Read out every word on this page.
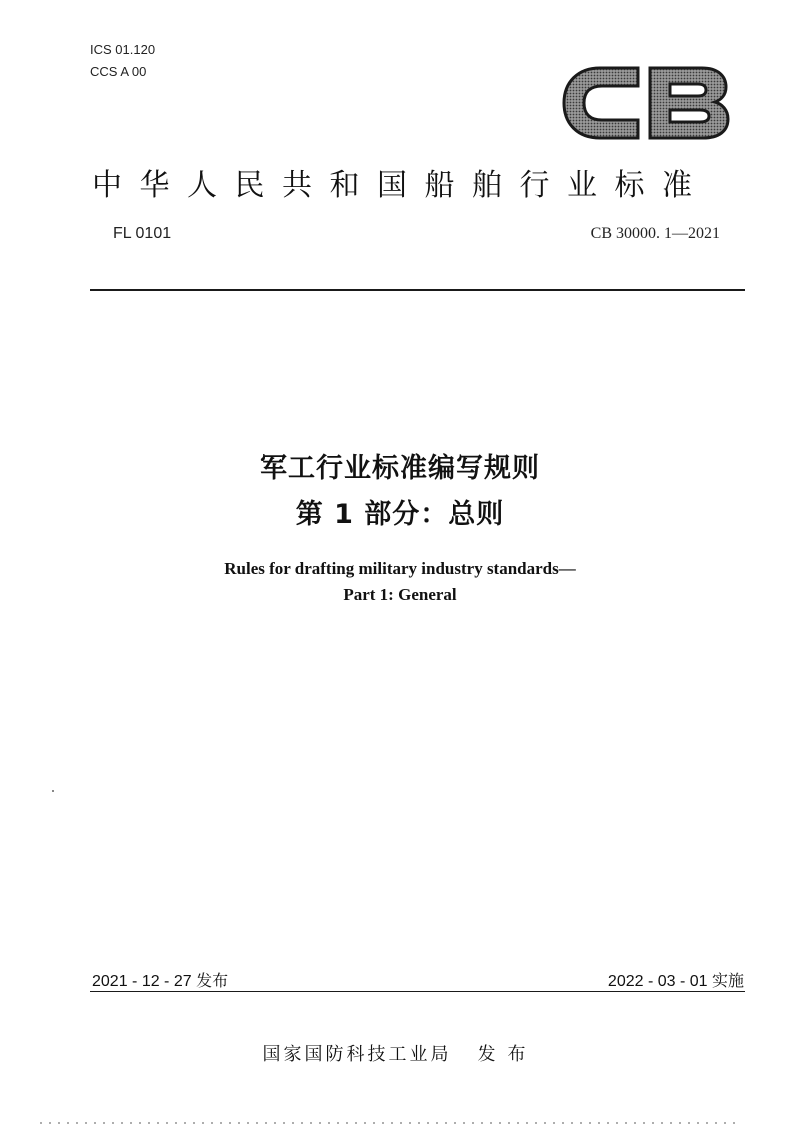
ICS 01.120
CCS A 00
中华人民共和国船舶行业标准
FL 0101	CB 30000. 1—2021
军工行业标准编写规则
第 1 部分：总则
Rules for drafting military industry standards—
Part 1: General
2021 - 12 - 27 发布	2022 - 03 - 01 实施
国家国防科技工业局 发布
